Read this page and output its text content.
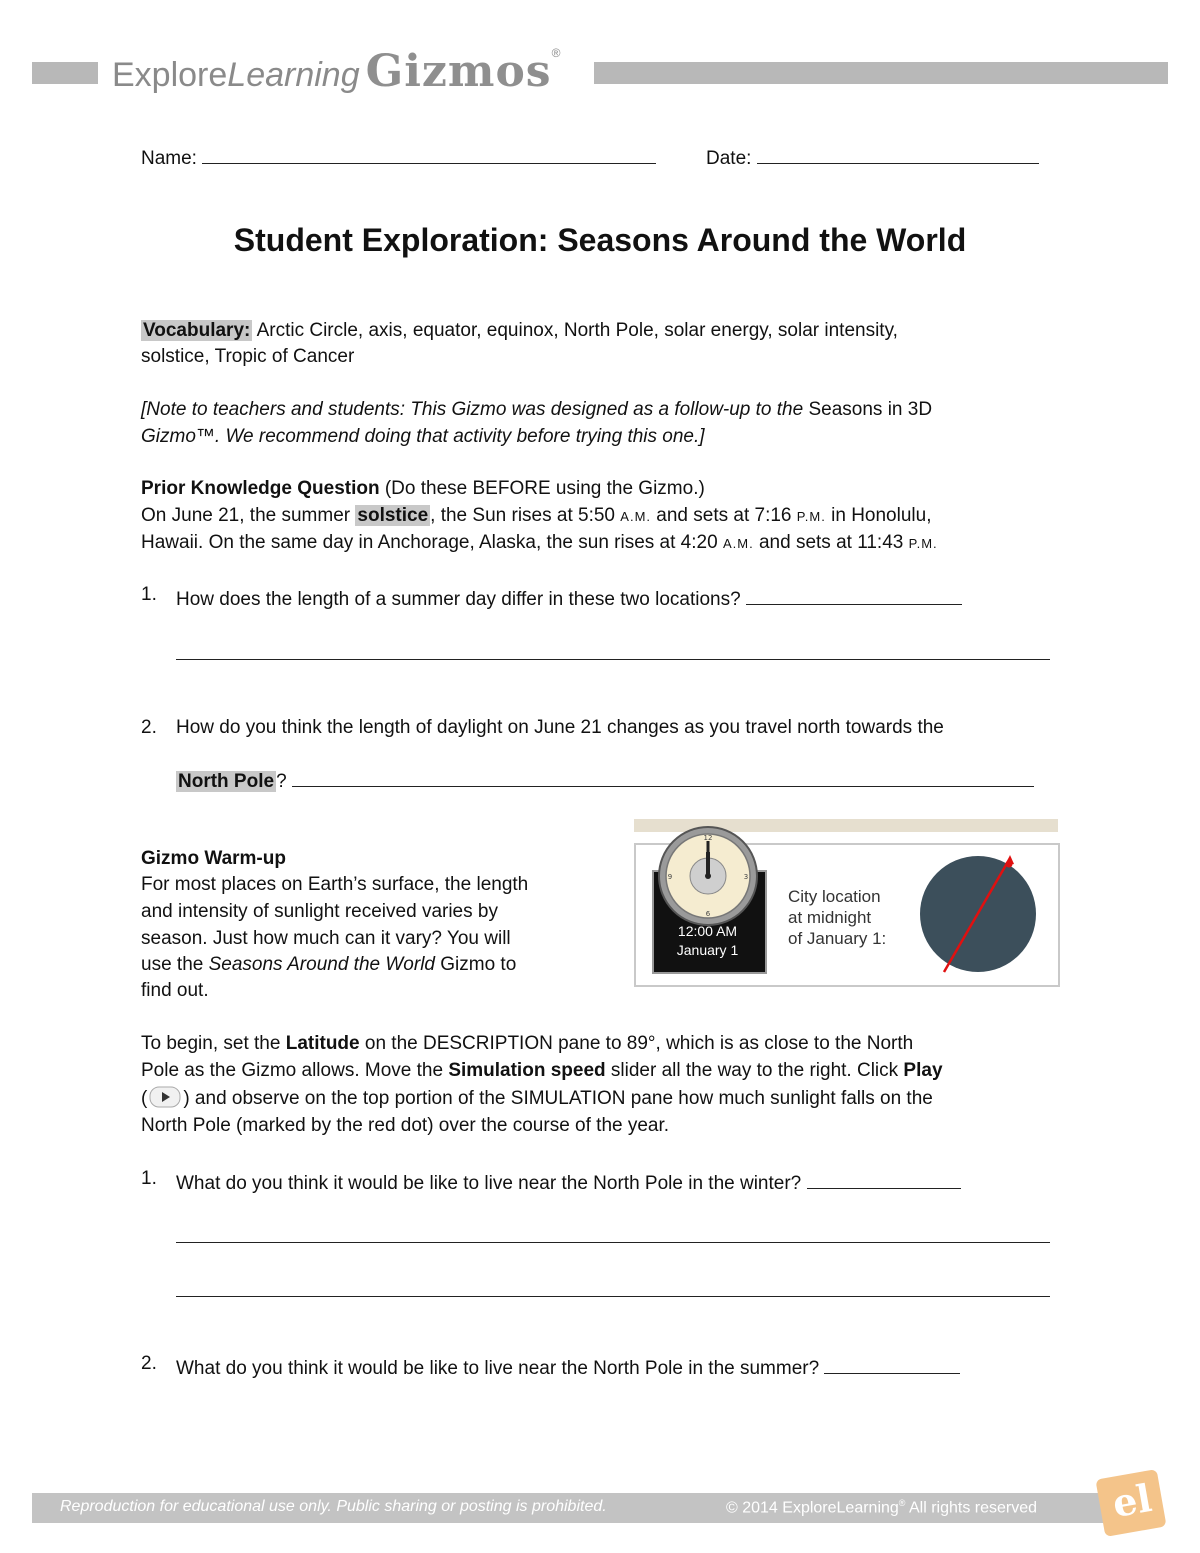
ExploreLearning Gizmos®
Name:	Date:
Student Exploration: Seasons Around the World
Vocabulary: Arctic Circle, axis, equator, equinox, North Pole, solar energy, solar intensity,
solstice, Tropic of Cancer
[Note to teachers and students: This Gizmo was designed as a follow-up to the Seasons in 3D
Gizmo™. We recommend doing that activity before trying this one.]
Prior Knowledge Question (Do these BEFORE using the Gizmo.)
On June 21, the summer solstice , the Sun rises at 5:50 A.M. and sets at 7:16 P.M. in Honolulu,
Hawaii. On the same day in Anchorage, Alaska, the sun rises at 4:20 A.M. and sets at 11:43 P.M.
1. How does the length of a summer day differ in these two locations?
2. How do you think the length of daylight on June 21 changes as you travel north towards the
North Pole ?
Gizmo Warm-up
For most places on Earth’s surface, the length
and intensity of sunlight received varies by
season. Just how much can it vary? You will
use the Seasons Around the World Gizmo to
find out.
12
3
6
9
12:00 AM
January 1
City location
at midnight
of January 1:
To begin, set the Latitude on the DESCRIPTION pane to 89°, which is as close to the North
Pole as the Gizmo allows. Move the Simulation speed slider all the way to the right. Click Play
( ) and observe on the top portion of the SIMULATION pane how much sunlight falls on the
North Pole (marked by the red dot) over the course of the year.
1. What do you think it would be like to live near the North Pole in the winter?
2. What do you think it would be like to live near the North Pole in the summer?
Reproduction for educational use only. Public sharing or posting is prohibited.	© 2014 ExploreLearning® All rights reserved el
